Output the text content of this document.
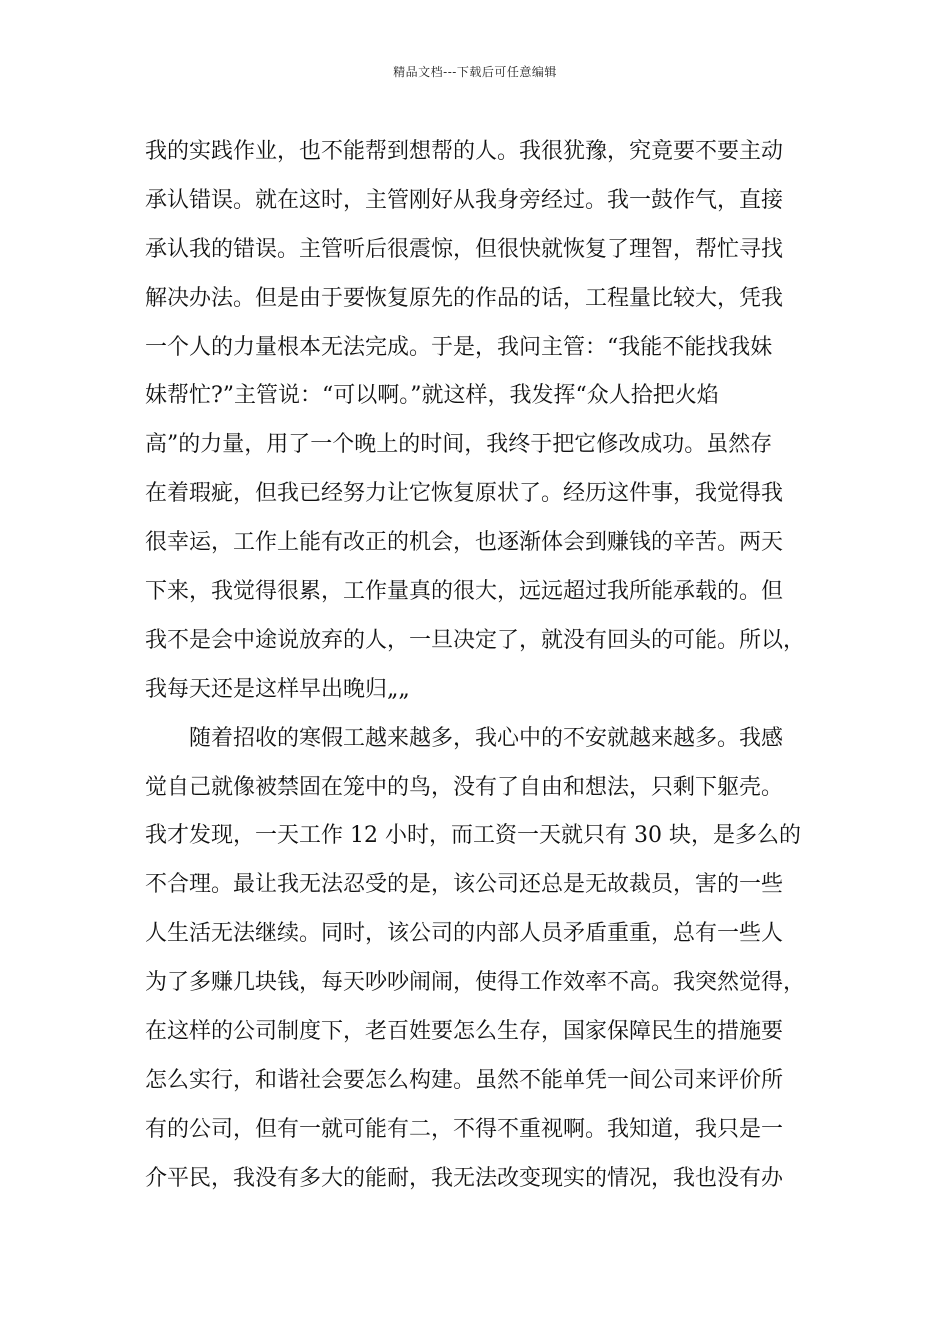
精品文档---下载后可任意编辑
我的实践作业，也不能帮到想帮的人。我很犹豫，究竟要不要主动
承认错误。就在这时，主管刚好从我身旁经过。我一鼓作气，直接
承认我的错误。主管听后很震惊，但很快就恢复了理智，帮忙寻找
解决办法。但是由于要恢复原先的作品的话，工程量比较大，凭我
一个人的力量根本无法完成。于是，我问主管：“我能不能找我妹
妹帮忙?”主管说：“可以啊。”就这样，我发挥“众人拾把火焰
高”的力量，用了一个晚上的时间，我终于把它修改成功。虽然存
在着瑕疵，但我已经努力让它恢复原状了。经历这件事，我觉得我
很幸运，工作上能有改正的机会，也逐渐体会到赚钱的辛苦。两天
下来，我觉得很累，工作量真的很大，远远超过我所能承载的。但
我不是会中途说放弃的人，一旦决定了，就没有回头的可能。所以，
我每天还是这样早出晚归„„
随着招收的寒假工越来越多，我心中的不安就越来越多。我感
觉自己就像被禁固在笼中的鸟，没有了自由和想法，只剩下躯壳。
我才发现，一天工作 12 小时，而工资一天就只有 30 块，是多么的
不合理。最让我无法忍受的是，该公司还总是无故裁员，害的一些
人生活无法继续。同时，该公司的内部人员矛盾重重，总有一些人
为了多赚几块钱，每天吵吵闹闹，使得工作效率不高。我突然觉得，
在这样的公司制度下，老百姓要怎么生存，国家保障民生的措施要
怎么实行，和谐社会要怎么构建。虽然不能单凭一间公司来评价所
有的公司，但有一就可能有二，不得不重视啊。我知道，我只是一
介平民，我没有多大的能耐，我无法改变现实的情况，我也没有办
